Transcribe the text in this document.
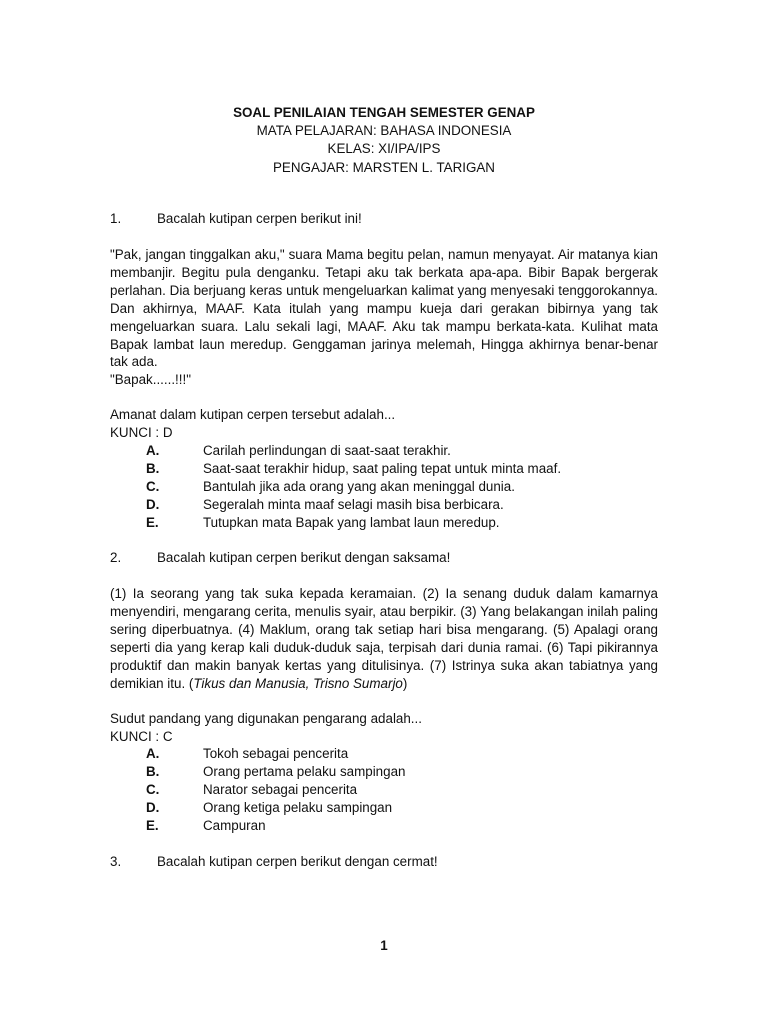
SOAL PENILAIAN TENGAH SEMESTER GENAP
MATA PELAJARAN: BAHASA INDONESIA
KELAS: XI/IPA/IPS
PENGAJAR: MARSTEN L. TARIGAN
1.	Bacalah kutipan cerpen berikut ini!

"Pak, jangan tinggalkan aku," suara Mama begitu pelan, namun menyayat. Air matanya kian membanjir. Begitu pula denganku. Tetapi aku tak berkata apa-apa. Bibir Bapak bergerak perlahan. Dia berjuang keras untuk mengeluarkan kalimat yang menyesaki tenggorokannya. Dan akhirnya, MAAF. Kata itulah yang mampu kueja dari gerakan bibirnya yang tak mengeluarkan suara. Lalu sekali lagi, MAAF. Aku tak mampu berkata-kata. Kulihat mata Bapak lambat laun meredup. Genggaman jarinya melemah, Hingga akhirnya benar-benar tak ada.

"Bapak......!!!"
Amanat dalam kutipan cerpen tersebut adalah...
KUNCI : D
A.	Carilah perlindungan di saat-saat terakhir.
B.	Saat-saat terakhir hidup, saat paling tepat untuk minta maaf.
C.	Bantulah jika ada orang yang akan meninggal dunia.
D.	Segeralah minta maaf selagi masih bisa berbicara.
E.	Tutupkan mata Bapak yang lambat laun meredup.
2.	Bacalah kutipan cerpen berikut dengan saksama!

(1) Ia seorang yang tak suka kepada keramaian. (2) Ia senang duduk dalam kamarnya menyendiri, mengarang cerita, menulis syair, atau berpikir. (3) Yang belakangan inilah paling sering diperbuatnya. (4) Maklum, orang tak setiap hari bisa mengarang. (5) Apalagi orang seperti dia yang kerap kali duduk-duduk saja, terpisah dari dunia ramai. (6) Tapi pikirannya produktif dan makin banyak kertas yang ditulisinya. (7) Istrinya suka akan tabiatnya yang demikian itu. (Tikus dan Manusia, Trisno Sumarjo)

Sudut pandang yang digunakan pengarang adalah...
KUNCI : C
A.	Tokoh sebagai pencerita
B.	Orang pertama pelaku sampingan
C.	Narator sebagai pencerita
D.	Orang ketiga pelaku sampingan
E.	Campuran
3.	Bacalah kutipan cerpen berikut dengan cermat!
1
